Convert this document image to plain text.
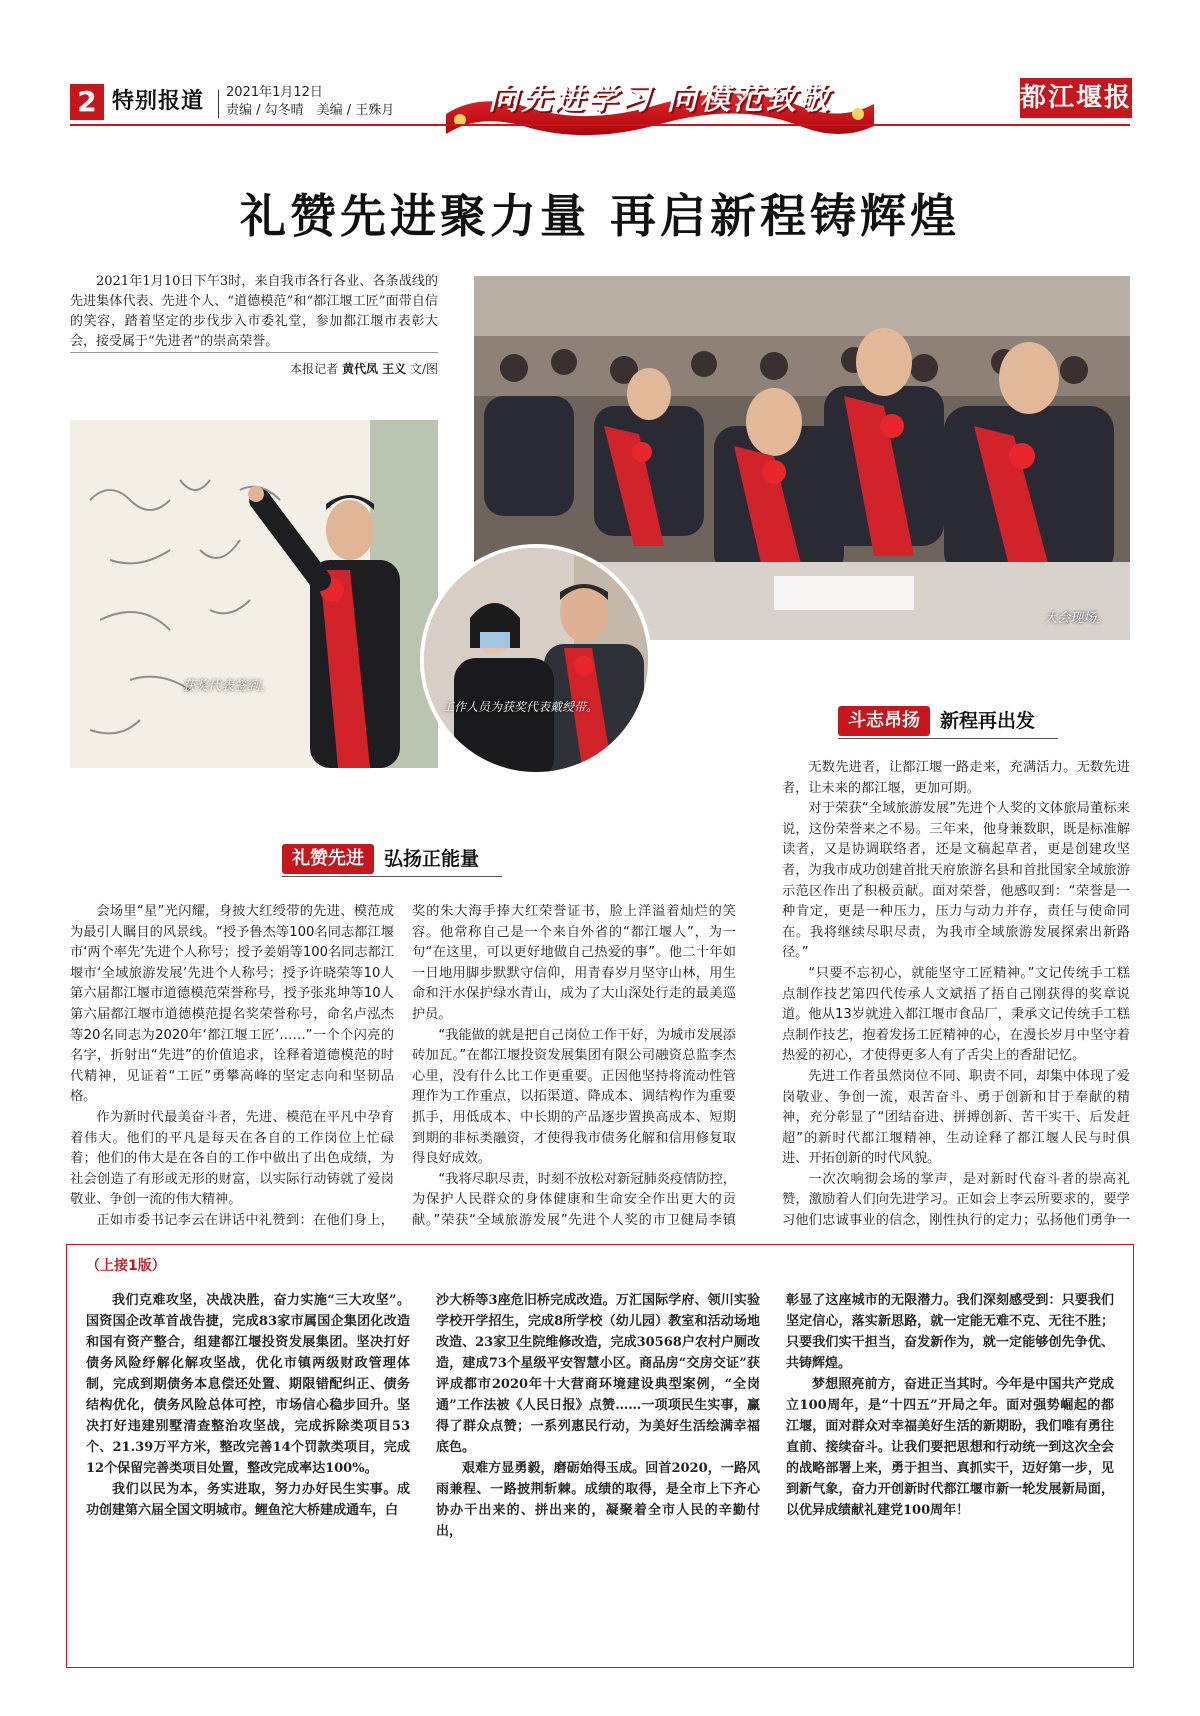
2 特别报道 2021年1月12日
责编 / 勾冬晴　美编 / 王殊月	向先进学习 向模范致敬	都江堰报
礼赞先进聚力量 再启新程铸辉煌
2021年1月10日下午3时，来自我市各行各业、各条战线的先进集体代表、先进个人、“道德模范”和“都江堰工匠”面带自信的笑容，踏着坚定的步伐步入市委礼堂，参加都江堰市表彰大会，接受属于“先进者”的崇高荣誉。
本报记者 黄代凤 王义 文/图
大会现场。
获奖代表签到。
工作人员为获奖代表戴绶带。
礼赞先进	弘扬正能量
斗志昂扬	新程再出发

会场里“星”光闪耀，身披大红绶带的先进、模范成为最引人瞩目的风景线。“授予鲁杰等100名同志都江堰市‘两个率先’先进个人称号；授予姜娟等100名同志都江堰市‘全域旅游发展’先进个人称号；授予许晓荣等10人第六届都江堰市道德模范荣誉称号，授予张兆坤等10人第六届都江堰市道德模范提名奖荣誉称号，命名卢泓杰等20名同志为2020年‘都江堰工匠’……”一个个闪亮的名字，折射出“先进”的价值追求，诠释着道德模范的时代精神，见证着“工匠”勇攀高峰的坚定志向和坚韧品格。

作为新时代最美奋斗者，先进、模范在平凡中孕育着伟大。他们的平凡是每天在各自的工作岗位上忙碌着；他们的伟大是在各自的工作中做出了出色成绩，为社会创造了有形或无形的财富，以实际行动铸就了爱岗敬业、争创一流的伟大精神。

正如市委书记李云在讲话中礼赞到：在他们身上，

奖的朱大海手捧大红荣誉证书，脸上洋溢着灿烂的笑容。他常称自己是一个来自外省的“都江堰人”，为一句“在这里，可以更好地做自己热爱的事”。他二十年如一日地用脚步默默守信仰，用青春岁月坚守山林，用生命和汗水保护绿水青山，成为了大山深处行走的最美巡护员。

“我能做的就是把自己岗位工作干好，为城市发展添砖加瓦。”在都江堰投资发展集团有限公司融资总监李杰心里，没有什么比工作更重要。正因他坚持将流动性管理作为工作重点，以拓渠道、降成本、调结构作为重要抓手，用低成本、中长期的产品逐步置换高成本、短期到期的非标类融资，才使得我市债务化解和信用修复取得良好成效。

“我将尽职尽责，时刻不放松对新冠肺炎疫情防控，为保护人民群众的身体健康和生命安全作出更大的贡献。”荣获“全域旅游发展”先进个人奖的市卫健局李镇

无数先进者，让都江堰一路走来，充满活力。无数先进者，让未来的都江堰，更加可期。

对于荣获“全域旅游发展”先进个人奖的文体旅局董标来说，这份荣誉来之不易。三年来，他身兼数职，既是标准解读者，又是协调联络者，还是文稿起草者，更是创建攻坚者，为我市成功创建首批天府旅游名县和首批国家全域旅游示范区作出了积极贡献。面对荣誉，他感叹到：“荣誉是一种肯定，更是一种压力，压力与动力并存，责任与使命同在。我将继续尽职尽责，为我市全域旅游发展探索出新路径。”

“只要不忘初心，就能坚守工匠精神。”文记传统手工糕点制作技艺第四代传承人文斌捂了捂自己刚获得的奖章说道。他从13岁就进入都江堰市食品厂，秉承文记传统手工糕点制作技艺，抱着发扬工匠精神的心，在漫长岁月中坚守着热爱的初心，才使得更多人有了舌尖上的香甜记忆。

先进工作者虽然岗位不同、职责不同，却集中体现了爱岗敬业、争创一流，艰苦奋斗、勇于创新和甘于奉献的精神，充分彰显了“团结奋进、拼搏创新、苦干实干、后发赶超”的新时代都江堰精神，生动诠释了都江堰人民与时俱进、开拓创新的时代风貌。

一次次响彻会场的掌声，是对新时代奋斗者的崇高礼赞，激励着人们向先进学习。正如会上李云所要求的，要学习他们忠诚事业的信念，刚性执行的定力；弘扬他们勇争一

（上接1版）

我们克难攻坚，决战决胜，奋力实施“三大攻坚”。国资国企改革首战告捷，完成83家市属国企集团化改造和国有资产整合，组建都江堰投资发展集团。坚决打好债务风险纾解化解攻坚战，优化市镇两级财政管理体制，完成到期债务本息偿还处置、期限错配纠正、债务结构优化，债务风险总体可控，市场信心稳步回升。坚决打好违建别墅清查整治攻坚战，完成拆除类项目53个、21.39万平方米，整改完善14个罚款类项目，完成12个保留完善类项目处置，整改完成率达100%。

我们以民为本，务实进取，努力办好民生实事。成功创建第六届全国文明城市。鲤鱼沱大桥建成通车，白

沙大桥等3座危旧桥完成改造。万汇国际学府、领川实验学校开学招生，完成8所学校（幼儿园）教室和活动场地改造、23家卫生院维修改造，完成30568户农村户厕改造，建成73个星级平安智慧小区。商品房“交房交证”获评成都市2020年十大营商环境建设典型案例，“全岗通”工作法被《人民日报》点赞……一项项民生实事，赢得了群众点赞；一系列惠民行动，为美好生活绘满幸福底色。

艰难方显勇毅，磨砺始得玉成。回首2020，一路风雨兼程、一路披荆斩棘。成绩的取得，是全市上下齐心协办干出来的、拼出来的，凝聚着全市人民的辛勤付出，

彰显了这座城市的无限潜力。我们深刻感受到：只要我们坚定信心，落实新思路，就一定能无难不克、无往不胜；只要我们实干担当，奋发新作为，就一定能够创先争优、共铸辉煌。

梦想照亮前方，奋进正当其时。今年是中国共产党成立100周年，是“十四五”开局之年。面对强势崛起的都江堰，面对群众对幸福美好生活的新期盼，我们唯有勇往直前、接续奋斗。让我们要把思想和行动统一到这次全会的战略部署上来，勇于担当、真抓实干，迈好第一步，见到新气象，奋力开创新时代都江堰市新一轮发展新局面，以优异成绩献礼建党100周年！
